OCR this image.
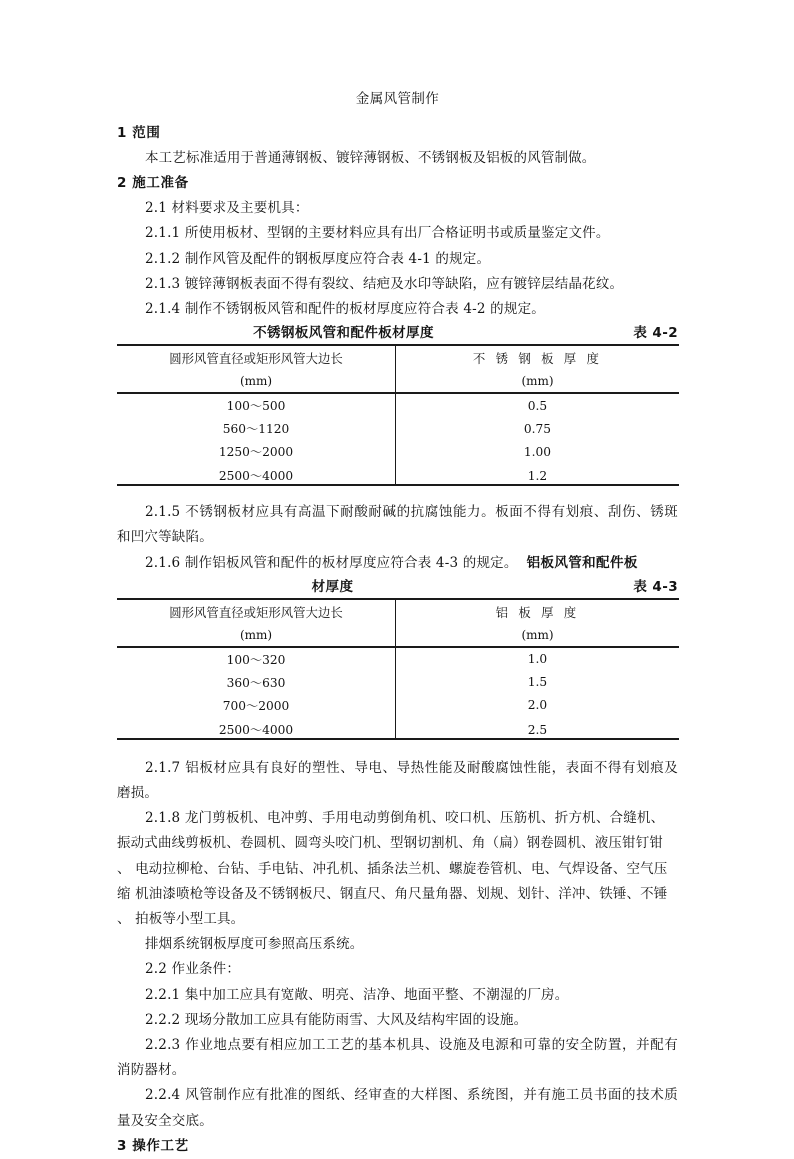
金属风管制作
1 范围

本工艺标准适用于普通薄钢板、镀锌薄钢板、不锈钢板及铝板的风管制做。

2 施工准备

2.1 材料要求及主要机具：

2.1.1 所使用板材、型钢的主要材料应具有出厂合格证明书或质量鉴定文件。

2.1.2 制作风管及配件的钢板厚度应符合表 4-1 的规定。

2.1.3 镀锌薄钢板表面不得有裂纹、结疤及水印等缺陷，应有镀锌层结晶花纹。

2.1.4 制作不锈钢板风管和配件的板材厚度应符合表 4-2 的规定。

不锈钢板风管和配件板材厚度	表 4-2
圆形风管直径或矩形风管大边长	不 锈 钢 板 厚 度
(mm)	(mm)
100～500	0.5
560～1120	0.75
1250～2000	1.00
2500～4000	1.2

2.1.5 不锈钢板材应具有高温下耐酸耐碱的抗腐蚀能力。板面不得有划痕、刮伤、锈斑和凹穴等缺陷。

2.1.6 制作铝板风管和配件的板材厚度应符合表 4-3 的规定。 铝板风管和配件板

材厚度	表 4-3
圆形风管直径或矩形风管大边长	铝 板 厚 度
(mm)	(mm)
100～320	1.0
360～630	1.5
700～2000	2.0
2500～4000	2.5

2.1.7 铝板材应具有良好的塑性、导电、导热性能及耐酸腐蚀性能，表面不得有划痕及磨损。

2.1.8 龙门剪板机、电冲剪、手用电动剪倒角机、咬口机、压筋机、折方机、合缝机、

振动式曲线剪板机、卷圆机、圆弯头咬门机、型钢切割机、角（扁）钢卷圆机、液压钳钉钳

、 电动拉柳枪、台钻、手电钻、冲孔机、插条法兰机、螺旋卷管机、电、气焊设备、空气压

缩 机油漆喷枪等设备及不锈钢板尺、钢直尺、角尺量角器、划规、划针、洋冲、铁锤、不锤

、 拍板等小型工具。

排烟系统钢板厚度可参照高压系统。

2.2 作业条件：

2.2.1 集中加工应具有宽敞、明亮、洁净、地面平整、不潮湿的厂房。

2.2.2 现场分散加工应具有能防雨雪、大风及结构牢固的设施。

2.2.3 作业地点要有相应加工工艺的基本机具、设施及电源和可靠的安全防置，并配有消防器材。

2.2.4 风管制作应有批准的图纸、经审查的大样图、系统图，并有施工员书面的技术质量及安全交底。

3 操作工艺
